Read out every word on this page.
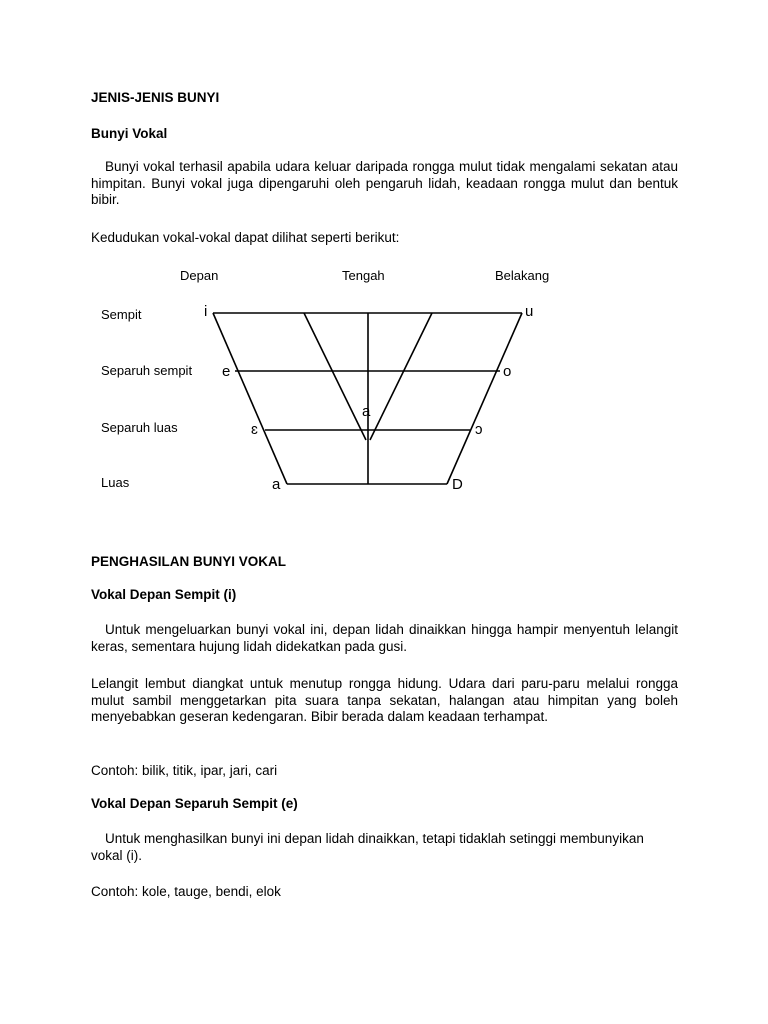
JENIS-JENIS BUNYI

Bunyi Vokal

Bunyi vokal terhasil apabila udara keluar daripada rongga mulut tidak mengalami sekatan atau himpitan. Bunyi vokal juga dipengaruhi oleh pengaruh lidah, keadaan rongga mulut dan bentuk bibir.

Kedudukan vokal-vokal dapat dilihat seperti berikut:

Depan	Tengah	Belakang
Sempit
Separuh sempit
Separuh luas
Luas
i	u
e	o
a
ɛ	ɔ
a	D

PENGHASILAN BUNYI VOKAL

Vokal Depan Sempit (i)

Untuk mengeluarkan bunyi vokal ini, depan lidah dinaikkan hingga hampir menyentuh lelangit keras, sementara hujung lidah didekatkan pada gusi.

Lelangit lembut diangkat untuk menutup rongga hidung. Udara dari paru-paru melalui rongga mulut sambil menggetarkan pita suara tanpa sekatan, halangan atau himpitan yang boleh menyebabkan geseran kedengaran. Bibir berada dalam keadaan terhampat.

Contoh: bilik, titik, ipar, jari, cari

Vokal Depan Separuh Sempit (e)

Untuk menghasilkan bunyi ini depan lidah dinaikkan, tetapi tidaklah setinggi membunyikan vokal (i).

Contoh: kole, tauge, bendi, elok
